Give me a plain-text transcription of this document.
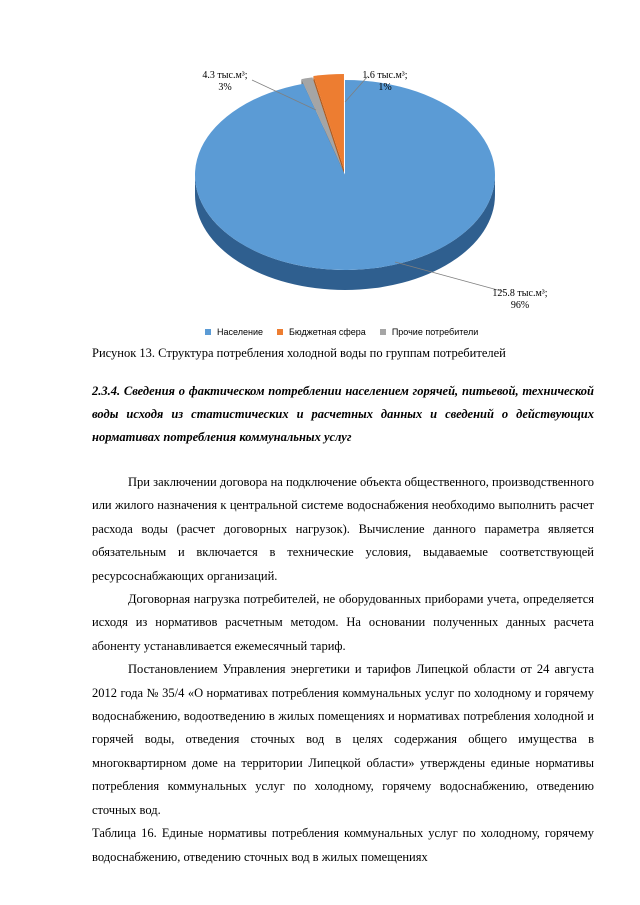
125.8 тыс.м³;
96%
4.3 тыс.м³;
3%
1.6 тыс.м³;
1%
Население	Бюджетная сфера	Прочие потребители
Рисунок 13. Структура потребления холодной воды по группам потребителей
2.3.4. Сведения о фактическом потреблении населением горячей, питьевой, технической воды исходя из статистических и расчетных данных и сведений о действующих нормативах потребления коммунальных услуг

При заключении договора на подключение объекта общественного, производственного или жилого назначения к центральной системе водоснабжения необходимо выполнить расчет расхода воды (расчет договорных нагрузок). Вычисление данного параметра является обязательным и включается в технические условия, выдаваемые соответствующей ресурсоснабжающих организаций.

Договорная нагрузка потребителей, не оборудованных приборами учета, определяется исходя из нормативов расчетным методом. На основании полученных данных расчета абоненту устанавливается ежемесячный тариф.

Постановлением Управления энергетики и тарифов Липецкой области от 24 августа 2012 года № 35/4 «О нормативах потребления коммунальных услуг по холодному и горячему водоснабжению, водоотведению в жилых помещениях и нормативах потребления холодной и горячей воды, отведения сточных вод в целях содержания общего имущества в многоквартирном доме на территории Липецкой области» утверждены единые нормативы потребления коммунальных услуг по холодному, горячему водоснабжению, отведению сточных вод.

Таблица 16. Единые нормативы потребления коммунальных услуг по холодному, горячему водоснабжению, отведению сточных вод в жилых помещениях
